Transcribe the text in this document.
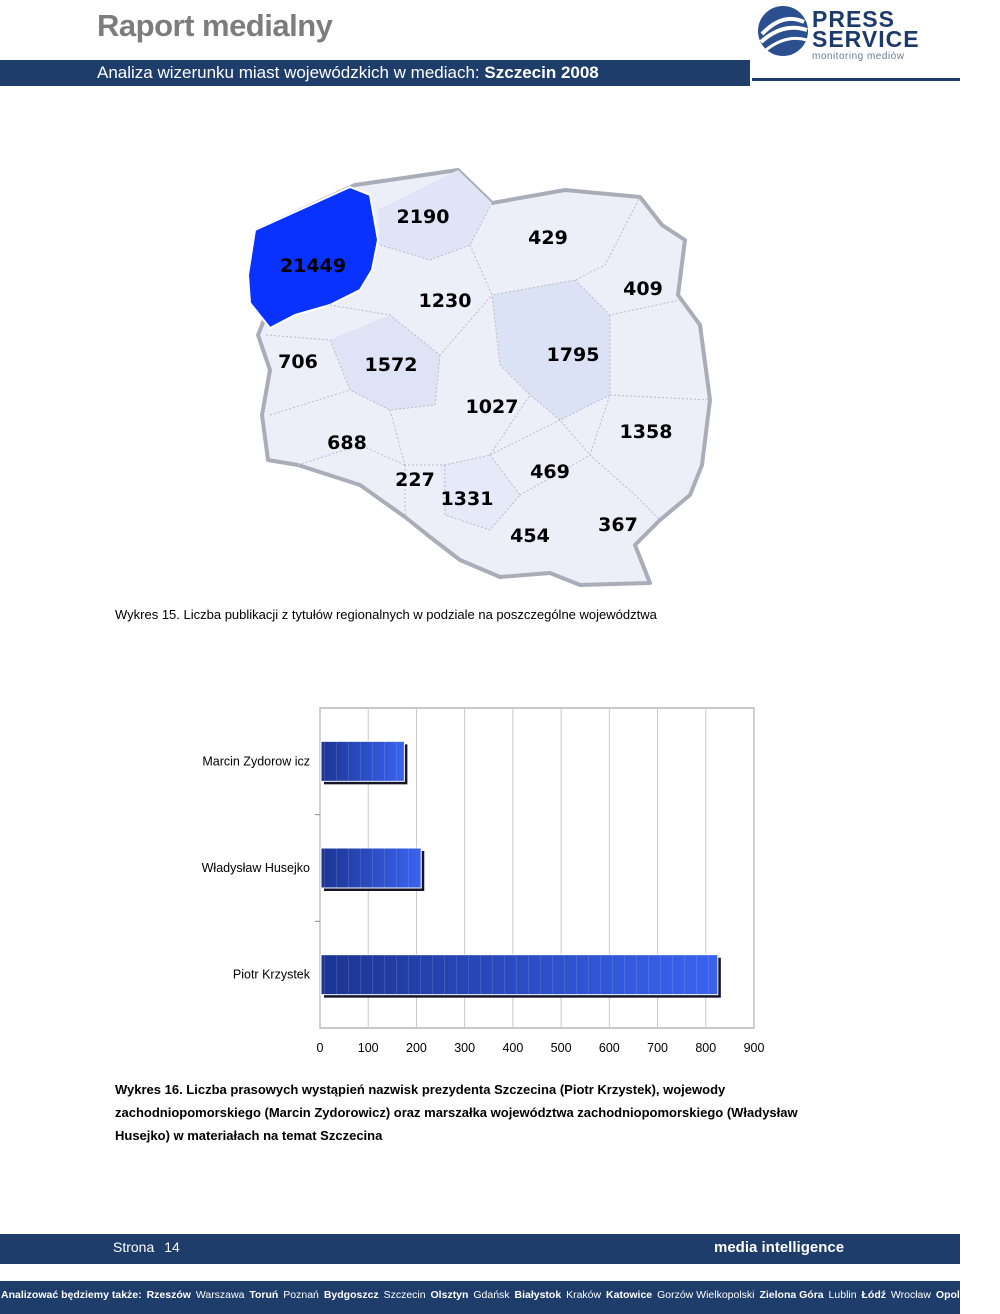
Raport medialny	PRESS
SERVICE
monitoring mediów
Analiza wizerunku miast wojewódzkich w mediach: Szczecin 2008
21449
2190
429
409
1230
706 1572	1795
1027
1358
688
227
1331
469
454	367
Wykres 15. Liczba publikacji z tytułów regionalnych w podziale na poszczególne województwa
0	100 200 300 400 500 600 700 800 900
Marcin Zydorow icz
Władysław Husejko
Piotr Krzystek
Wykres 16. Liczba prasowych wystąpień nazwisk prezydenta Szczecina (Piotr Krzystek), wojewody zachodniopomorskiego (Marcin Zydorowicz) oraz marszałka województwa zachodniopomorskiego (Władysław Husejko) w materiałach na temat Szczecina
Strona 14	media intelligence
Analizować będziemy także: Rzeszów Warszawa Toruń Poznań Bydgoszcz Szczecin Olsztyn Gdańsk Białystok Kraków Katowice Gorzów Wielkopolski Zielona Góra Lublin Łódź Wrocław Opole Kielce
